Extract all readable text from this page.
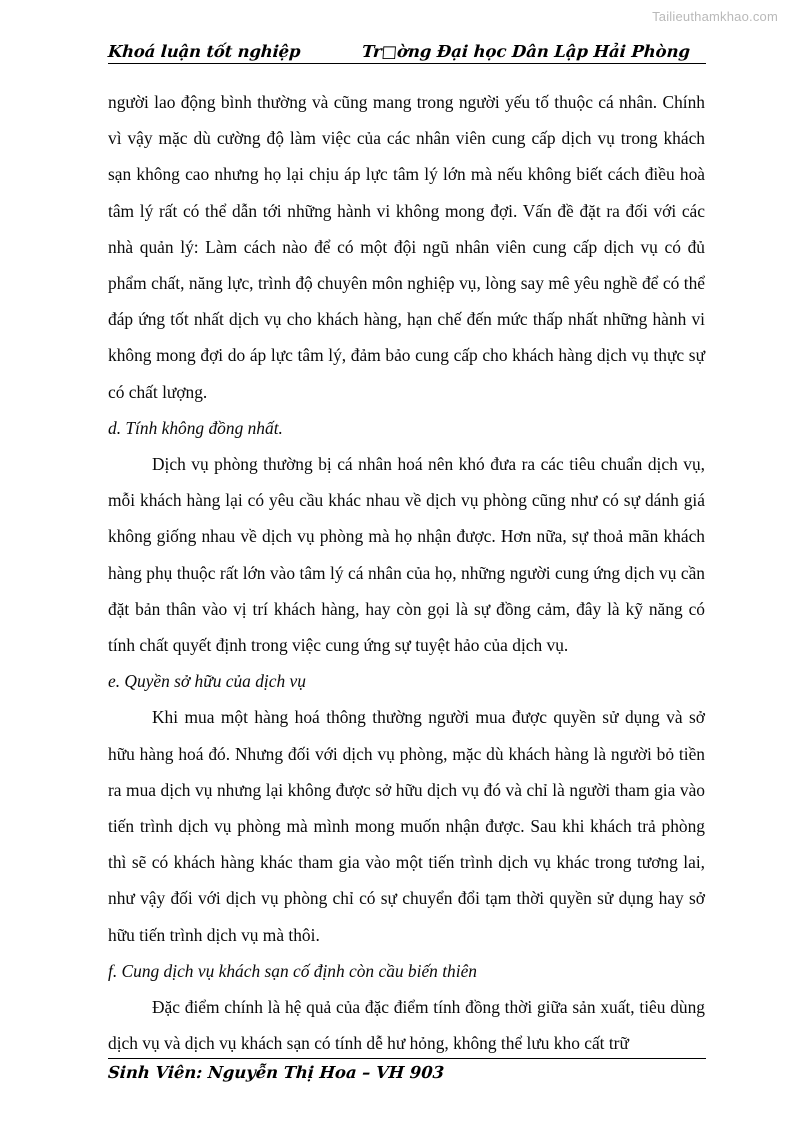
Tailieuthamkhao.com
Khoá luận tốt nghiệp	Tr□ờng Đại học Dân Lập Hải Phòng

người lao động bình thường và cũng mang trong người yếu tố thuộc cá nhân. Chính vì vậy mặc dù cường độ làm việc của các nhân viên cung cấp dịch vụ trong khách sạn không cao nhưng họ lại chịu áp lực tâm lý lớn mà nếu không biết cách điều hoà tâm lý rất có thể dẫn tới những hành vi không mong đợi. Vấn đề đặt ra đối với các nhà quản lý: Làm cách nào để có một đội ngũ nhân viên cung cấp dịch vụ có đủ phẩm chất, năng lực, trình độ chuyên môn nghiệp vụ, lòng say mê yêu nghề để có thể đáp ứng tốt nhất dịch vụ cho khách hàng, hạn chế đến mức thấp nhất những hành vi không mong đợi do áp lực tâm lý, đảm bảo cung cấp cho khách hàng dịch vụ thực sự có chất lượng.

d. Tính không đồng nhất.

Dịch vụ phòng thường bị cá nhân hoá nên khó đưa ra các tiêu chuẩn dịch vụ, mỗi khách hàng lại có yêu cầu khác nhau về dịch vụ phòng cũng như có sự dánh giá không giống nhau về dịch vụ phòng mà họ nhận được. Hơn nữa, sự thoả mãn khách hàng phụ thuộc rất lớn vào tâm lý cá nhân của họ, những người cung ứng dịch vụ cần đặt bản thân vào vị trí khách hàng, hay còn gọi là sự đồng cảm, đây là kỹ năng có tính chất quyết định trong việc cung ứng sự tuyệt hảo của dịch vụ.

e. Quyền sở hữu của dịch vụ

Khi mua một hàng hoá thông thường người mua được quyền sử dụng và sở hữu hàng hoá đó. Nhưng đối với dịch vụ phòng, mặc dù khách hàng là người bỏ tiền ra mua dịch vụ nhưng lại không được sở hữu dịch vụ đó và chỉ là người tham gia vào tiến trình dịch vụ phòng mà mình mong muốn nhận được. Sau khi khách trả phòng thì sẽ có khách hàng khác tham gia vào một tiến trình dịch vụ khác trong tương lai, như vậy đối với dịch vụ phòng chỉ có sự chuyển đổi tạm thời quyền sử dụng hay sở hữu tiến trình dịch vụ mà thôi.

f. Cung dịch vụ khách sạn cố định còn cầu biến thiên

Đặc điểm chính là hệ quả của đặc điểm tính đồng thời giữa sản xuất, tiêu dùng dịch vụ và dịch vụ khách sạn có tính dễ hư hỏng, không thể lưu kho cất trữ

Sinh Viên: Nguyễn Thị Hoa – VH 903
